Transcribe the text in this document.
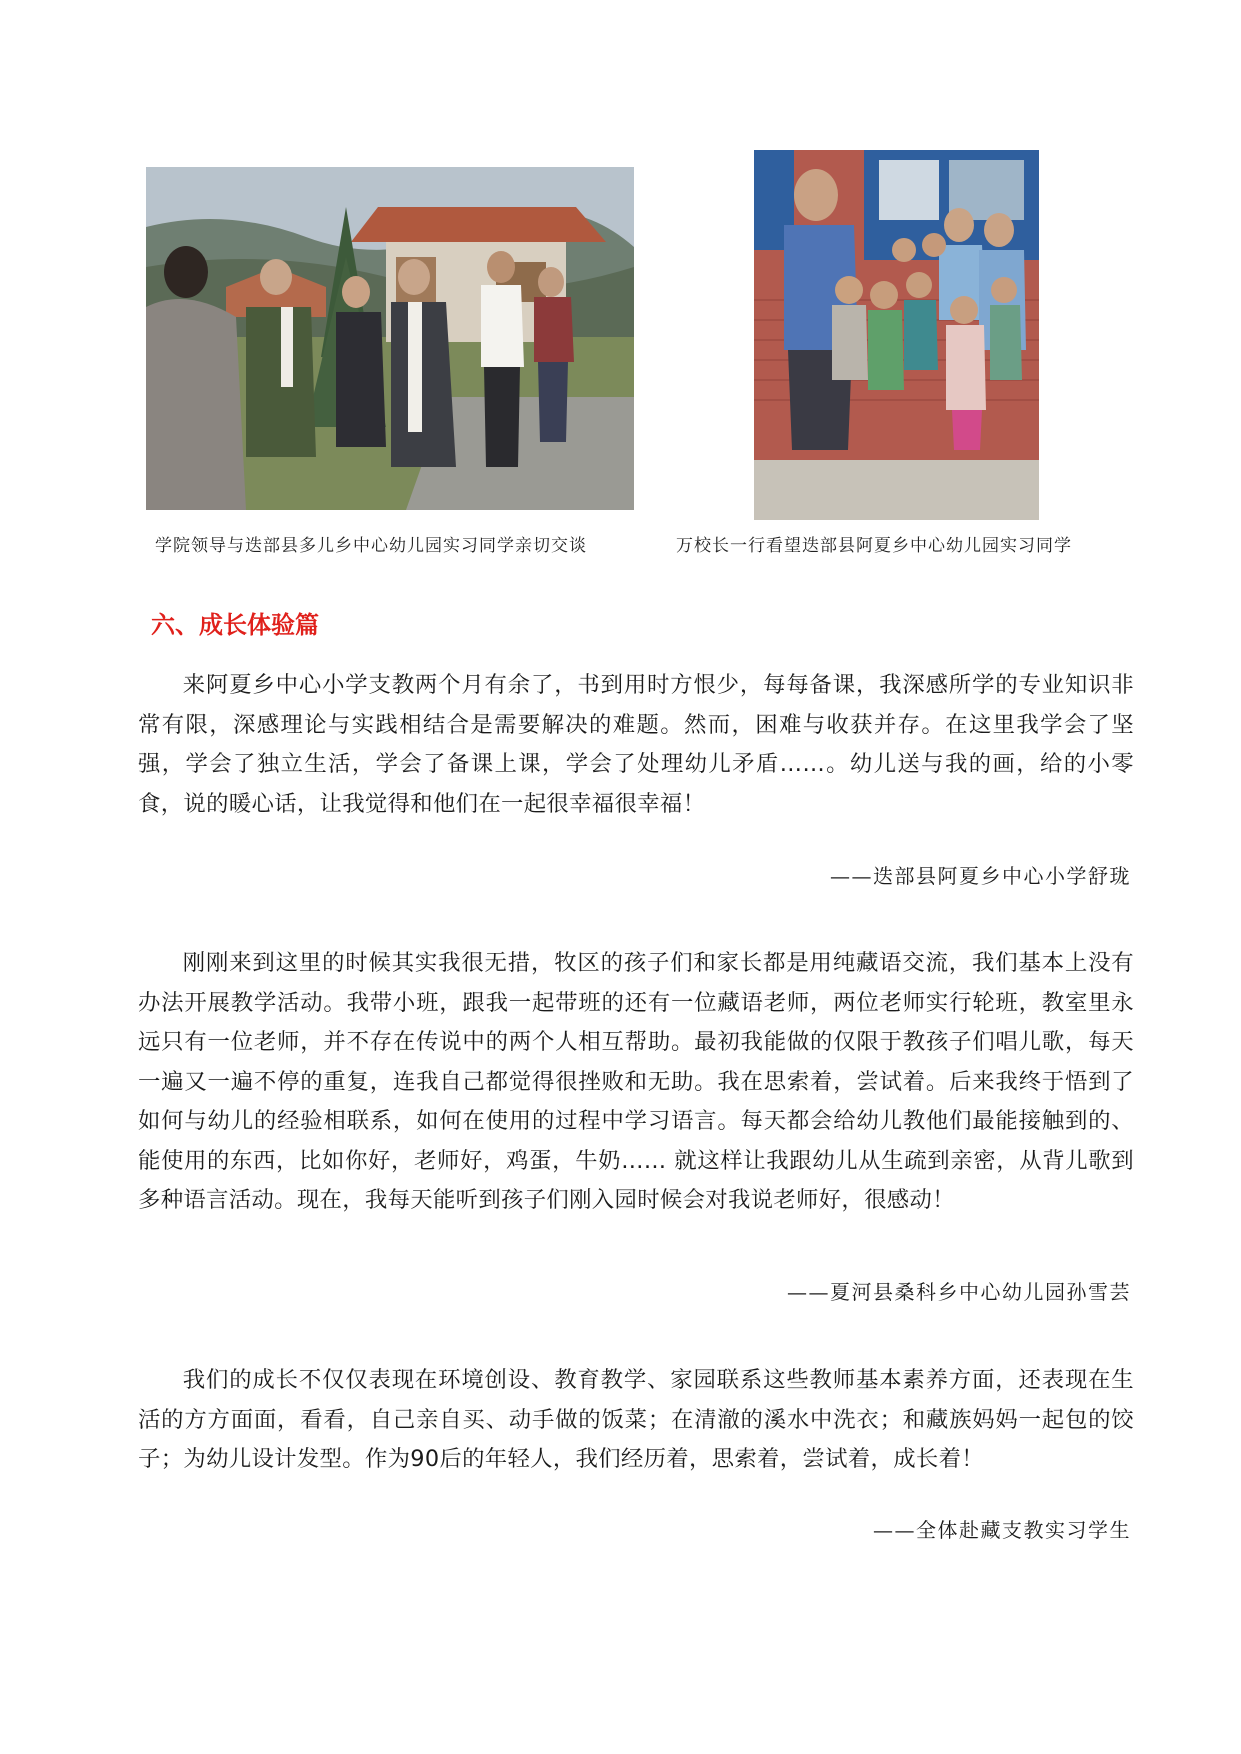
学院领导与迭部县多儿乡中心幼儿园实习同学亲切交谈	万校长一行看望迭部县阿夏乡中心幼儿园实习同学
六、成长体验篇

来阿夏乡中心小学支教两个月有余了，书到用时方恨少，每每备课，我深感所学的专业知识非常有限，深感理论与实践相结合是需要解决的难题。然而，困难与收获并存。在这里我学会了坚强，学会了独立生活，学会了备课上课，学会了处理幼儿矛盾……。幼儿送与我的画，给的小零食，说的暖心话，让我觉得和他们在一起很幸福很幸福！

——迭部县阿夏乡中心小学舒珑

刚刚来到这里的时候其实我很无措，牧区的孩子们和家长都是用纯藏语交流，我们基本上没有办法开展教学活动。我带小班，跟我一起带班的还有一位藏语老师，两位老师实行轮班，教室里永远只有一位老师，并不存在传说中的两个人相互帮助。最初我能做的仅限于教孩子们唱儿歌，每天一遍又一遍不停的重复，连我自己都觉得很挫败和无助。我在思索着，尝试着。后来我终于悟到了如何与幼儿的经验相联系，如何在使用的过程中学习语言。每天都会给幼儿教他们最能接触到的、能使用的东西，比如你好，老师好，鸡蛋，牛奶…… 就这样让我跟幼儿从生疏到亲密，从背儿歌到多种语言活动。现在，我每天能听到孩子们刚入园时候会对我说老师好，很感动！

——夏河县桑科乡中心幼儿园孙雪芸

我们的成长不仅仅表现在环境创设、教育教学、家园联系这些教师基本素养方面，还表现在生活的方方面面，看看，自己亲自买、动手做的饭菜；在清澈的溪水中洗衣；和藏族妈妈一起包的饺子；为幼儿设计发型。作为90后的年轻人，我们经历着，思索着，尝试着，成长着！

——全体赴藏支教实习学生
